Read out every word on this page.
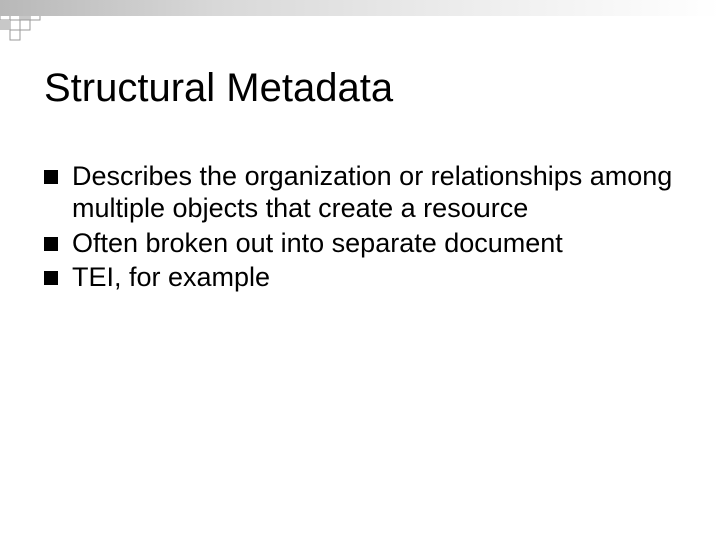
Structural Metadata
Describes the organization or relationships among multiple objects that create a resource
Often broken out into separate document
TEI, for example
